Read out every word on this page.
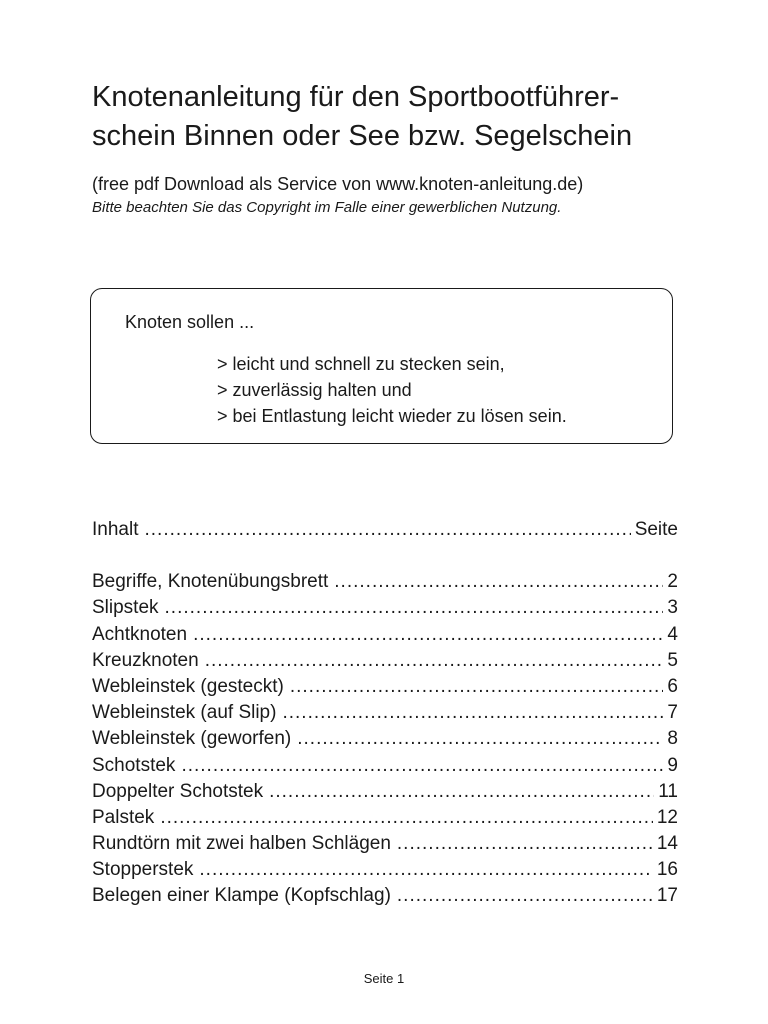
Knotenanleitung für den Sportbootführer-
schein Binnen oder See bzw. Segelschein
(free pdf Download als Service von www.knoten-anleitung.de)
Bitte beachten Sie das Copyright im Falle einer gewerblichen Nutzung.
Knoten sollen ...
> leicht und schnell zu stecken sein,
> zuverlässig halten und
> bei Entlastung leicht wieder zu lösen sein.
Inhalt .....	Seite
Begriffe, Knotenübungsbrett .....	2
Slipstek .....	3
Achtknoten .....	4
Kreuzknoten .....	5
Webleinstek (gesteckt) .....	6
Webleinstek (auf Slip) .....	7
Webleinstek (geworfen) .....	8
Schotstek .....	9
Doppelter Schotstek .....	11
Palstek .....	12
Rundtörn mit zwei halben Schlägen .....	14
Stopperstek .....	16
Belegen einer Klampe (Kopfschlag) .....	17
Seite 1
